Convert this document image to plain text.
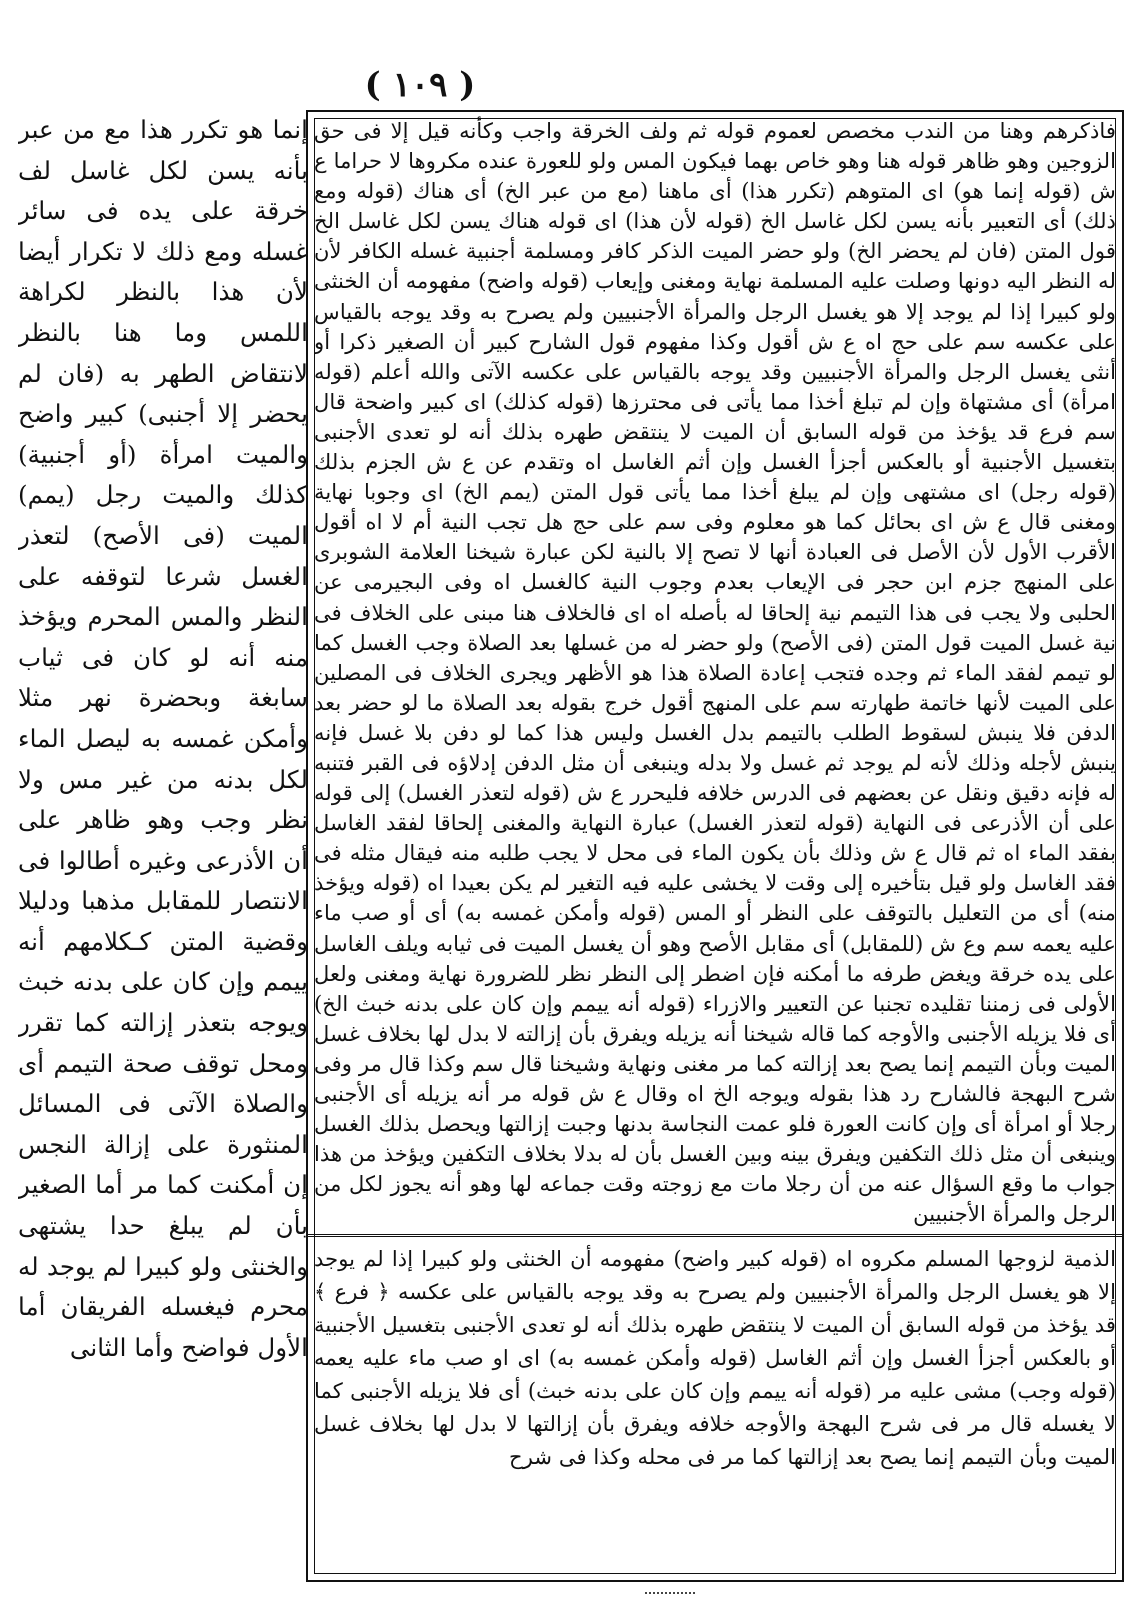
( ١٠٩ )
إنما هو تكرر هذا مع من عبر بأنه يسن لكل غاسل لف خرقة على يده فى سائر غسله ومع ذلك لا تكرار أيضا لأن هذا بالنظر لكراهة اللمس وما هنا بالنظر لانتقاض الطهر به (فان لم يحضر إلا أجنبى) كبير واضح والميت امرأة (أو أجنبية) كذلك والميت رجل (يمم) الميت (فى الأصح) لتعذر الغسل شرعا لتوقفه على النظر والمس المحرم ويؤخذ منه أنه لو كان فى ثياب سابغة وبحضرة نهر مثلا وأمكن غمسه به ليصل الماء لكل بدنه من غير مس ولا نظر وجب وهو ظاهر على أن الأذرعى وغيره أطالوا فى الانتصار للمقابل مذهبا ودليلا وقضية المتن كـكلامهم أنه ييمم وإن كان على بدنه خبث ويوجه بتعذر إزالته كما تقرر ومحل توقف صحة التيمم أى والصلاة الآتى فى المسائل المنثورة على إزالة النجس إن أمكنت كما مر أما الصغير بأن لم يبلغ حدا يشتهى والخنثى ولو كبيرا لم يوجد له محرم فيغسله الفريقان أما الأول فواضح وأما الثانى
فاذكرهم وهنا من الندب مخصص لعموم قوله ثم ولف الخرقة واجب وكأنه قيل إلا فى حق الزوجين وهو ظاهر قوله هنا وهو خاص بهما فيكون المس ولو للعورة عنده مكروها لا حراما ع ش (قوله إنما هو) اى المتوهم (تكرر هذا) أى ماهنا (مع من عبر الخ) أى هناك (قوله ومع ذلك) أى التعبير بأنه يسن لكل غاسل الخ (قوله لأن هذا) اى قوله هناك يسن لكل غاسل الخ قول المتن (فان لم يحضر الخ) ولو حضر الميت الذكر كافر ومسلمة أجنبية غسله الكافر لأن له النظر اليه دونها وصلت عليه المسلمة نهاية ومغنى وإيعاب (قوله واضح) مفهومه أن الخنثى ولو كبيرا إذا لم يوجد إلا هو يغسل الرجل والمرأة الأجنبيين ولم يصرح به وقد يوجه بالقياس على عكسه سم على حج اه ع ش أقول وكذا مفهوم قول الشارح كبير أن الصغير ذكرا أو أنثى يغسل الرجل والمرأة الأجنبيين وقد يوجه بالقياس على عكسه الآتى والله أعلم (قوله امرأة) أى مشتهاة وإن لم تبلغ أخذا مما يأتى فى محترزها (قوله كذلك) اى كبير واضحة قال سم فرع قد يؤخذ من قوله السابق أن الميت لا ينتقض طهره بذلك أنه لو تعدى الأجنبى بتغسيل الأجنبية أو بالعكس أجزأ الغسل وإن أثم الغاسل اه وتقدم عن ع ش الجزم بذلك (قوله رجل) اى مشتهى وإن لم يبلغ أخذا مما يأتى قول المتن (يمم الخ) اى وجوبا نهاية ومغنى قال ع ش اى بحائل كما هو معلوم وفى سم على حج هل تجب النية أم لا اه أقول الأقرب الأول لأن الأصل فى العبادة أنها لا تصح إلا بالنية لكن عبارة شيخنا العلامة الشوبرى على المنهج جزم ابن حجر فى الإيعاب بعدم وجوب النية كالغسل اه وفى البجيرمى عن الحلبى ولا يجب فى هذا التيمم نية إلحاقا له بأصله اه اى فالخلاف هنا مبنى على الخلاف فى نية غسل الميت قول المتن (فى الأصح) ولو حضر له من غسلها بعد الصلاة وجب الغسل كما لو تيمم لفقد الماء ثم وجده فتجب إعادة الصلاة هذا هو الأظهر ويجرى الخلاف فى المصلين على الميت لأنها خاتمة طهارته سم على المنهج أقول خرج بقوله بعد الصلاة ما لو حضر بعد الدفن فلا ينبش لسقوط الطلب بالتيمم بدل الغسل وليس هذا كما لو دفن بلا غسل فإنه ينبش لأجله وذلك لأنه لم يوجد ثم غسل ولا بدله وينبغى أن مثل الدفن إدلاؤه فى القبر فتنبه له فإنه دقيق ونقل عن بعضهم فى الدرس خلافه فليحرر ع ش (قوله لتعذر الغسل) إلى قوله على أن الأذرعى فى النهاية (قوله لتعذر الغسل) عبارة النهاية والمغنى إلحاقا لفقد الغاسل بفقد الماء اه ثم قال ع ش وذلك بأن يكون الماء فى محل لا يجب طلبه منه فيقال مثله فى فقد الغاسل ولو قيل بتأخيره إلى وقت لا يخشى عليه فيه التغير لم يكن بعيدا اه (قوله ويؤخذ منه) أى من التعليل بالتوقف على النظر أو المس (قوله وأمكن غمسه به) أى أو صب ماء عليه يعمه سم وع ش (للمقابل) أى مقابل الأصح وهو أن يغسل الميت فى ثيابه ويلف الغاسل على يده خرقة ويغض طرفه ما أمكنه فإن اضطر إلى النظر نظر للضرورة نهاية ومغنى ولعل الأولى فى زمننا تقليده تجنبا عن التعيير والازراء (قوله أنه ييمم وإن كان على بدنه خبث الخ) أى فلا يزيله الأجنبى والأوجه كما قاله شيخنا أنه يزيله ويفرق بأن إزالته لا بدل لها بخلاف غسل الميت وبأن التيمم إنما يصح بعد إزالته كما مر مغنى ونهاية وشيخنا قال سم وكذا قال مر وفى شرح البهجة فالشارح رد هذا بقوله ويوجه الخ اه وقال ع ش قوله مر أنه يزيله أى الأجنبى رجلا أو امرأة أى وإن كانت العورة فلو عمت النجاسة بدنها وجبت إزالتها ويحصل بذلك الغسل وينبغى أن مثل ذلك التكفين ويفرق بينه وبين الغسل بأن له بدلا بخلاف التكفين ويؤخذ من هذا جواب ما وقع السؤال عنه من أن رجلا مات مع زوجته وقت جماعه لها وهو أنه يجوز لكل من الرجل والمرأة الأجنبيين
الذمية لزوجها المسلم مكروه اه (قوله كبير واضح) مفهومه أن الخنثى ولو كبيرا إذا لم يوجد إلا هو يغسل الرجل والمرأة الأجنبيين ولم يصرح به وقد يوجه بالقياس على عكسه ﴿ فرع ﴾ قد يؤخذ من قوله السابق أن الميت لا ينتقض طهره بذلك أنه لو تعدى الأجنبى بتغسيل الأجنبية أو بالعكس أجزأ الغسل وإن أثم الغاسل (قوله وأمكن غمسه به) اى او صب ماء عليه يعمه (قوله وجب) مشى عليه مر (قوله أنه ييمم وإن كان على بدنه خبث) أى فلا يزيله الأجنبى كما لا يغسله قال مر فى شرح البهجة والأوجه خلافه ويفرق بأن إزالتها لا بدل لها بخلاف غسل الميت وبأن التيمم إنما يصح بعد إزالتها كما مر فى محله وكذا فى شرح
